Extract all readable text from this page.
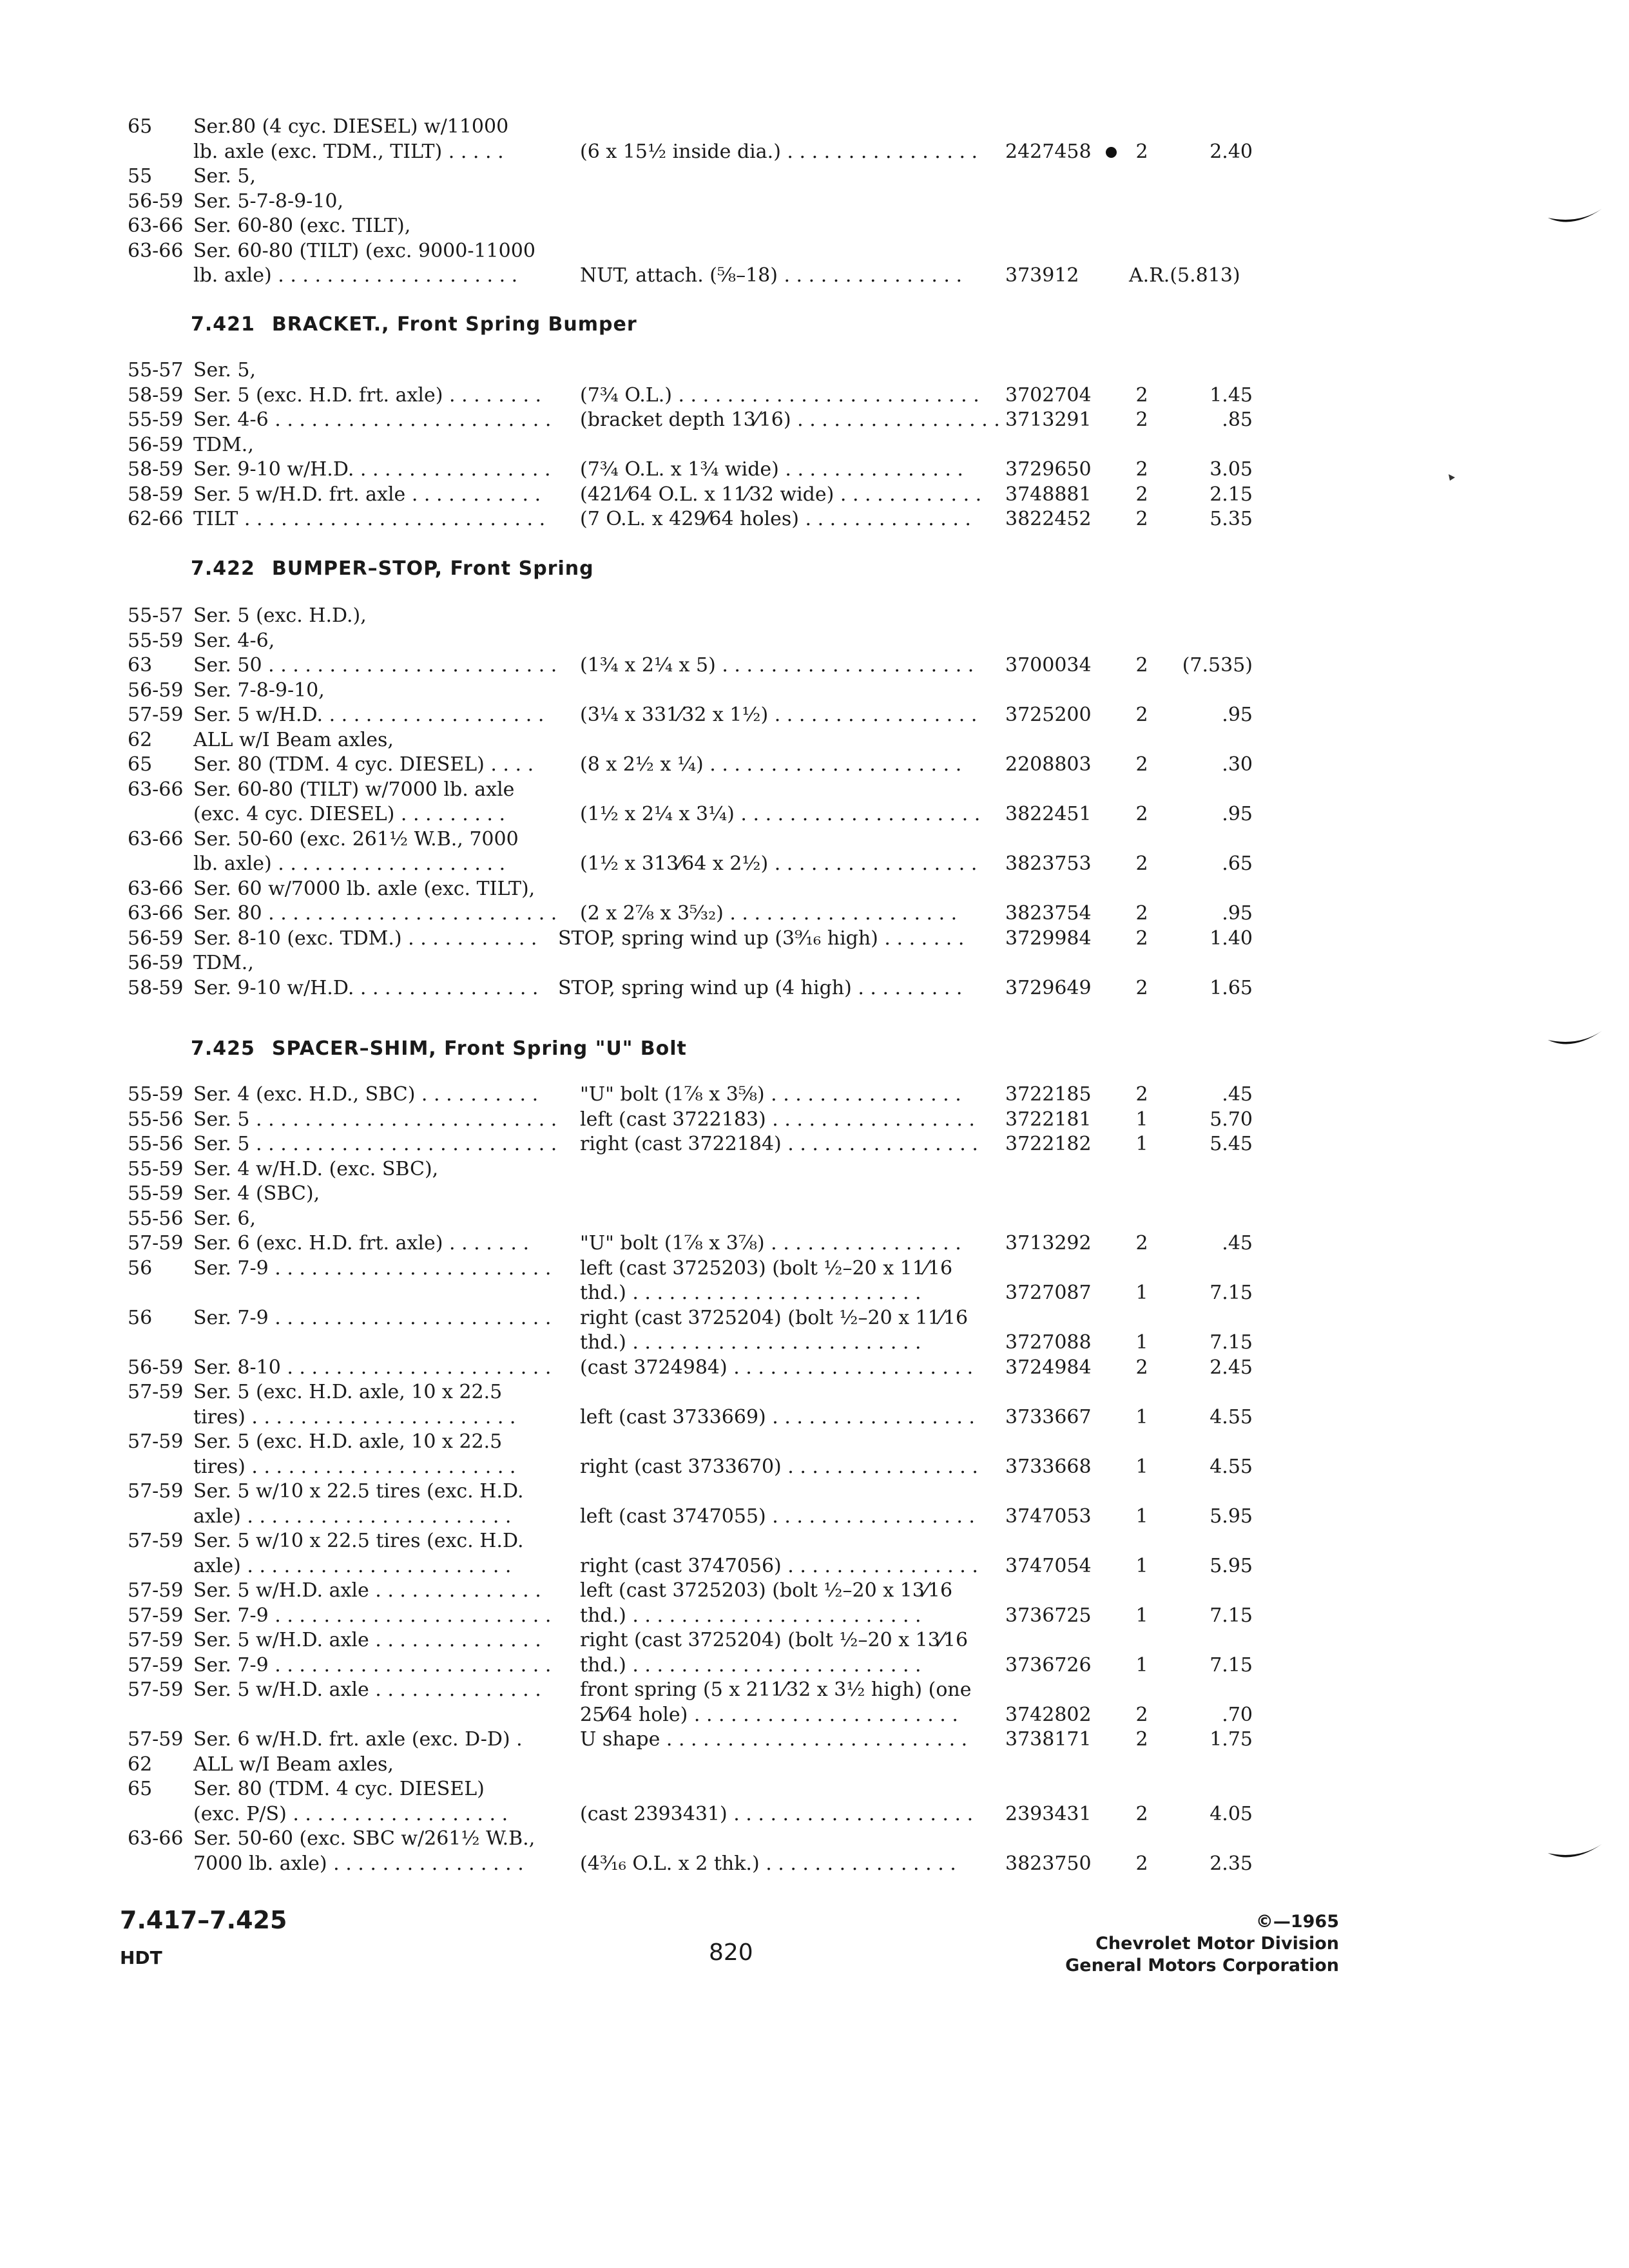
65 Ser.80 (4 cyc. DIESEL) w/11000
lb. axle (exc. TDM., TILT) . . . . .	(6 x 15½ inside dia.) . . . . . . . . . . . . . . . . 2427458	2	2.40
55 Ser. 5,
56-59 Ser. 5-7-8-9-10,
63-66 Ser. 60-80 (exc. TILT),
63-66 Ser. 60-80 (TILT) (exc. 9000-11000
lb. axle) . . . . . . . . . . . . . . . . . . . .	NUT, attach. (⅝–18) . . . . . . . . . . . . . . . 373912	A.R.(5.813)
7.421 BRACKET., Front Spring Bumper
55-57 Ser. 5,
58-59 Ser. 5 (exc. H.D. frt. axle) . . . . . . . . (7¾ O.L.) . . . . . . . . . . . . . . . . . . . . . . . . . 3702704	2	1.45
55-59 Ser. 4-6 . . . . . . . . . . . . . . . . . . . . . . . (bracket depth 13⁄16) . . . . . . . . . . . . . . . . . 3713291	2	.85
56-59 TDM.,
58-59 Ser. 9-10 w/H.D. . . . . . . . . . . . . . . . . (7¾ O.L. x 1¾ wide) . . . . . . . . . . . . . . . 3729650	2	3.05
58-59 Ser. 5 w/H.D. frt. axle . . . . . . . . . . . (421⁄64 O.L. x 11⁄32 wide) . . . . . . . . . . . . 3748881	2	2.15
62-66 TILT . . . . . . . . . . . . . . . . . . . . . . . . . (7 O.L. x 429⁄64 holes) . . . . . . . . . . . . . . 3822452	2	5.35
7.422 BUMPER–STOP, Front Spring
55-57 Ser. 5 (exc. H.D.),
55-59 Ser. 4-6,
63 Ser. 50 . . . . . . . . . . . . . . . . . . . . . . . . (1¾ x 2¼ x 5) . . . . . . . . . . . . . . . . . . . . . 3700034	2	(7.535)
56-59 Ser. 7-8-9-10,
57-59 Ser. 5 w/H.D. . . . . . . . . . . . . . . . . . . (3¼ x 331⁄32 x 1½) . . . . . . . . . . . . . . . . . 3725200	2	.95
62 ALL w/I Beam axles,
65 Ser. 80 (TDM. 4 cyc. DIESEL) . . . . (8 x 2½ x ¼) . . . . . . . . . . . . . . . . . . . . . 2208803	2	.30
63-66 Ser. 60-80 (TILT) w/7000 lb. axle
(exc. 4 cyc. DIESEL) . . . . . . . . .	(1½ x 2¼ x 3¼) . . . . . . . . . . . . . . . . . . . . 3822451	2	.95
63-66 Ser. 50-60 (exc. 261½ W.B., 7000
lb. axle) . . . . . . . . . . . . . . . . . . .	(1½ x 313⁄64 x 2½) . . . . . . . . . . . . . . . . . 3823753	2	.65
63-66 Ser. 60 w/7000 lb. axle (exc. TILT),
63-66 Ser. 80 . . . . . . . . . . . . . . . . . . . . . . . . (2 x 2⅞ x 3⁵⁄₃₂) . . . . . . . . . . . . . . . . . . . 3823754	2	.95
56-59 Ser. 8-10 (exc. TDM.) . . . . . . . . . . . STOP, spring wind up (3⁹⁄₁₆ high) . . . . . . . 3729984	2	1.40
56-59 TDM.,
58-59 Ser. 9-10 w/H.D. . . . . . . . . . . . . . . . STOP, spring wind up (4 high) . . . . . . . . . 3729649	2	1.65
7.425 SPACER–SHIM, Front Spring "U" Bolt
55-59 Ser. 4 (exc. H.D., SBC) . . . . . . . . . . "U" bolt (1⅞ x 3⅝) . . . . . . . . . . . . . . . . 3722185	2	.45
55-56 Ser. 5 . . . . . . . . . . . . . . . . . . . . . . . . . left (cast 3722183) . . . . . . . . . . . . . . . . . 3722181	1	5.70
55-56 Ser. 5 . . . . . . . . . . . . . . . . . . . . . . . . . right (cast 3722184) . . . . . . . . . . . . . . . . 3722182	1	5.45
55-59 Ser. 4 w/H.D. (exc. SBC),
55-59 Ser. 4 (SBC),
55-56 Ser. 6,
57-59 Ser. 6 (exc. H.D. frt. axle) . . . . . . .	"U" bolt (1⅞ x 3⅞) . . . . . . . . . . . . . . . . 3713292	2	.45
56 Ser. 7-9 . . . . . . . . . . . . . . . . . . . . . . . left (cast 3725203) (bolt ½–20 x 11⁄16
thd.) . . . . . . . . . . . . . . . . . . . . . . . .	3727087	1	7.15
56 Ser. 7-9 . . . . . . . . . . . . . . . . . . . . . . . right (cast 3725204) (bolt ½–20 x 11⁄16
thd.) . . . . . . . . . . . . . . . . . . . . . . . .	3727088	1	7.15
56-59 Ser. 8-10 . . . . . . . . . . . . . . . . . . . . . . (cast 3724984) . . . . . . . . . . . . . . . . . . . . 3724984	2	2.45
57-59 Ser. 5 (exc. H.D. axle, 10 x 22.5
tires) . . . . . . . . . . . . . . . . . . . . . .	left (cast 3733669) . . . . . . . . . . . . . . . . . 3733667	1	4.55
57-59 Ser. 5 (exc. H.D. axle, 10 x 22.5
tires) . . . . . . . . . . . . . . . . . . . . . .	right (cast 3733670) . . . . . . . . . . . . . . . . 3733668	1	4.55
57-59 Ser. 5 w/10 x 22.5 tires (exc. H.D.
axle) . . . . . . . . . . . . . . . . . . . . . .	left (cast 3747055) . . . . . . . . . . . . . . . . . 3747053	1	5.95
57-59 Ser. 5 w/10 x 22.5 tires (exc. H.D.
axle) . . . . . . . . . . . . . . . . . . . . . .	right (cast 3747056) . . . . . . . . . . . . . . . . 3747054	1	5.95
57-59 Ser. 5 w/H.D. axle . . . . . . . . . . . . . . left (cast 3725203) (bolt ½–20 x 13⁄16
57-59 Ser. 7-9 . . . . . . . . . . . . . . . . . . . . . . . thd.) . . . . . . . . . . . . . . . . . . . . . . . .	3736725	1	7.15
57-59 Ser. 5 w/H.D. axle . . . . . . . . . . . . . . right (cast 3725204) (bolt ½–20 x 13⁄16
57-59 Ser. 7-9 . . . . . . . . . . . . . . . . . . . . . . . thd.) . . . . . . . . . . . . . . . . . . . . . . . .	3736726	1	7.15
57-59 Ser. 5 w/H.D. axle . . . . . . . . . . . . . . front spring (5 x 211⁄32 x 3½ high) (one
25⁄64 hole) . . . . . . . . . . . . . . . . . . . . . . 3742802	2	.70
57-59 Ser. 6 w/H.D. frt. axle (exc. D-D) .	U shape . . . . . . . . . . . . . . . . . . . . . . . . . 3738171	2	1.75
62 ALL w/I Beam axles,
65 Ser. 80 (TDM. 4 cyc. DIESEL)
(exc. P/S) . . . . . . . . . . . . . . . . . .	(cast 2393431) . . . . . . . . . . . . . . . . . . . . 2393431	2	4.05
63-66 Ser. 50-60 (exc. SBC w/261½ W.B.,
7000 lb. axle) . . . . . . . . . . . . . . . .	(4³⁄₁₆ O.L. x 2 thk.) . . . . . . . . . . . . . . . .	3823750	2	2.35
7.417–7.425
HDT	820
©—1965
Chevrolet Motor Division
General Motors Corporation
